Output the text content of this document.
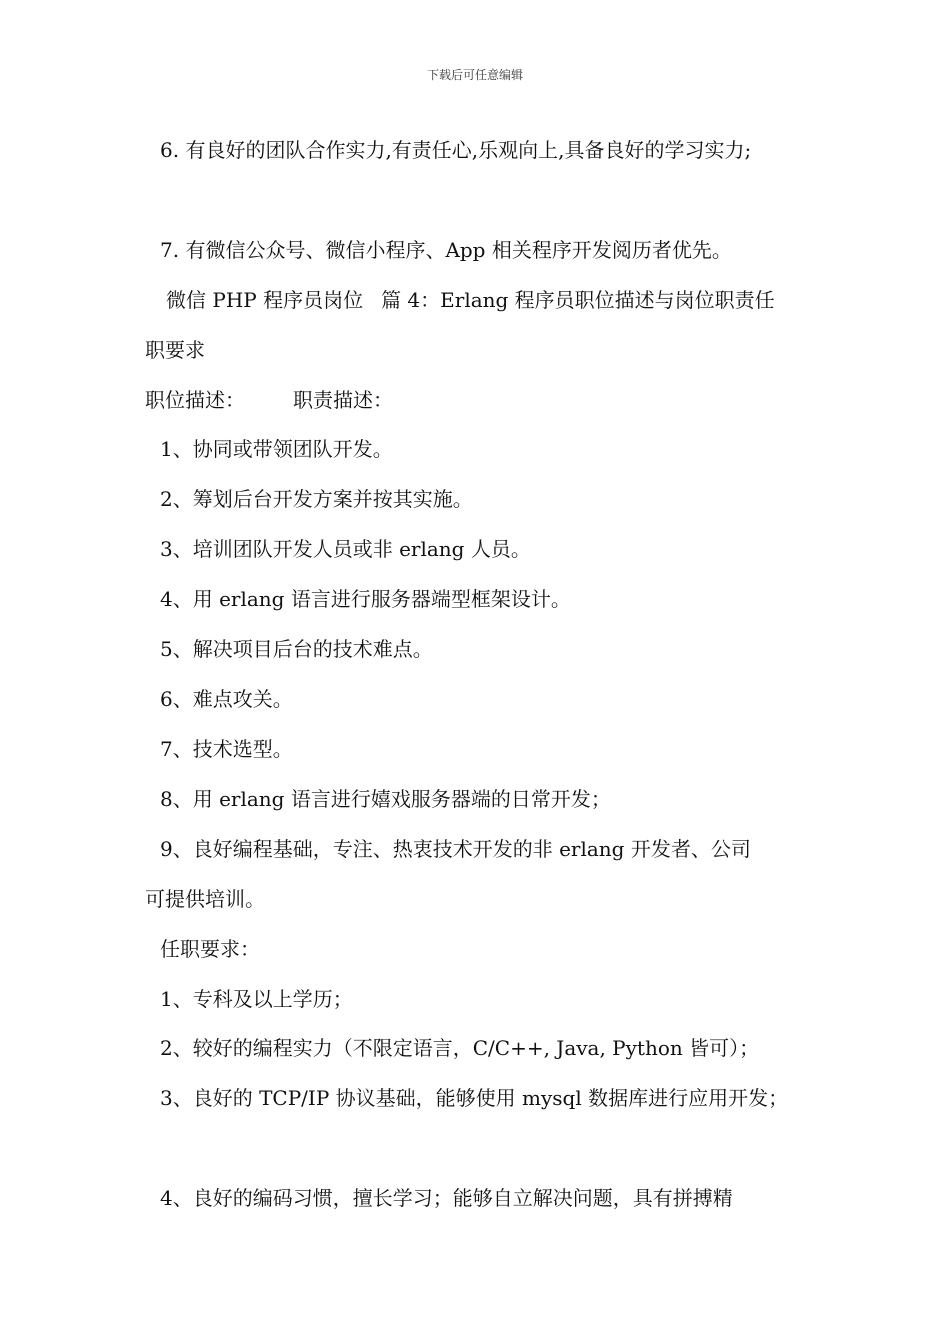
下载后可任意编辑
6. 有良好的团队合作实力,有责任心,乐观向上,具备良好的学习实力;
7. 有微信公众号、微信小程序、App 相关程序开发阅历者优先。
微信 PHP 程序员岗位 篇 4：Erlang 程序员职位描述与岗位职责任
职要求
职位描述： 职责描述：
1、协同或带领团队开发。
2、筹划后台开发方案并按其实施。
3、培训团队开发人员或非 erlang 人员。
4、用 erlang 语言进行服务器端型框架设计。
5、解决项目后台的技术难点。
6、难点攻关。
7、技术选型。
8、用 erlang 语言进行嬉戏服务器端的日常开发；
9、良好编程基础，专注、热衷技术开发的非 erlang 开发者、公司
可提供培训。
任职要求：
1、专科及以上学历；
2、较好的编程实力（不限定语言，C/C++, Java, Python 皆可）；
3、良好的 TCP/IP 协议基础，能够使用 mysql 数据库进行应用开发；
4、良好的编码习惯，擅长学习；能够自立解决问题，具有拼搏精
